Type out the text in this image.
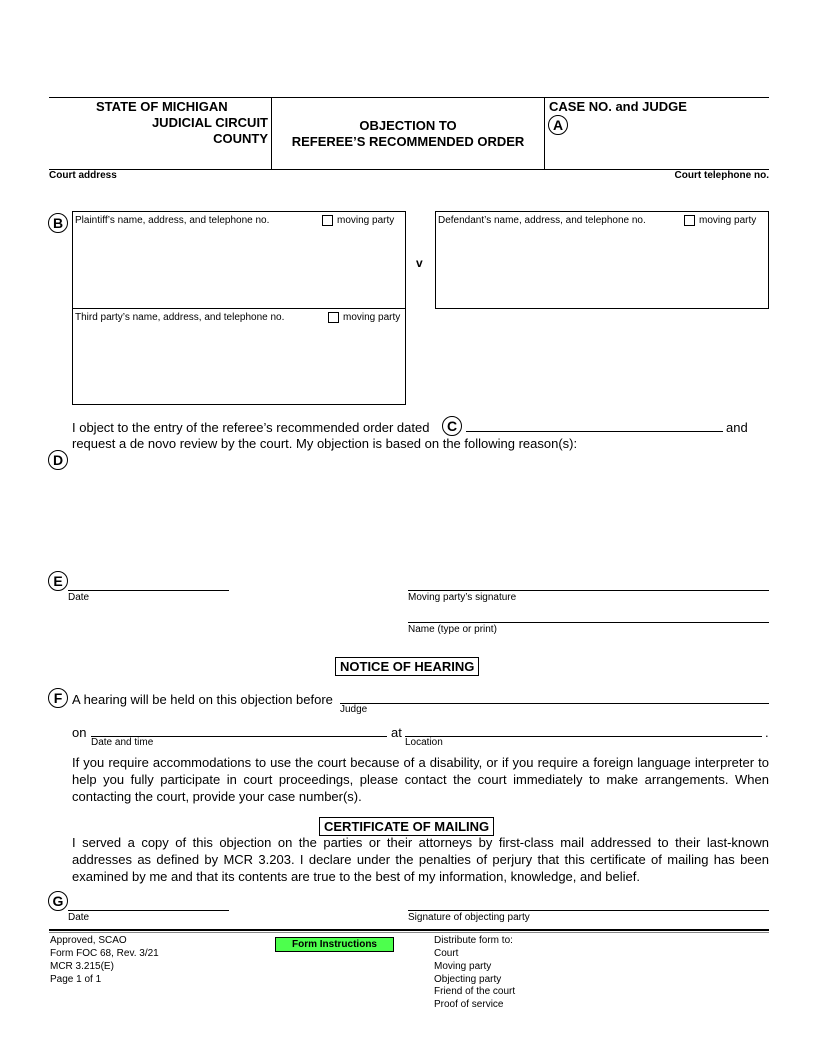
STATE OF MICHIGAN
JUDICIAL CIRCUIT
COUNTY
OBJECTION TO
REFEREE’S RECOMMENDED ORDER
CASE NO. and JUDGE
A
Court address	Court telephone no.
B	Plaintiff’s name, address, and telephone no.	moving party
Third party’s name, address, and telephone no.	moving party
v
Defendant’s name, address, and telephone no.	moving party
I object to the entry of the referee’s recommended order dated	C	and
request a de novo review by the court. My objection is based on the following reason(s):
D
E
Date	Moving party’s signature
Name (type or print)
NOTICE OF HEARING
F A hearing will be held on this objection before
Judge
on
Date and time
at
Location
.
If you require accommodations to use the court because of a disability, or if you require a foreign language interpreter to help you fully participate in court proceedings, please contact the court immediately to make arrangements. When contacting the court, provide your case number(s).
CERTIFICATE OF MAILING
I served a copy of this objection on the parties or their attorneys by first-class mail addressed to their last-known addresses as defined by MCR 3.203. I declare under the penalties of perjury that this certificate of mailing has been examined by me and that its contents are true to the best of my information, knowledge, and belief.
G
Date	Signature of objecting party
Approved, SCAO
Form FOC 68, Rev. 3/21
MCR 3.215(E)
Page 1 of 1
Form Instructions	Distribute form to:
Court
Moving party
Objecting party
Friend of the court
Proof of service
